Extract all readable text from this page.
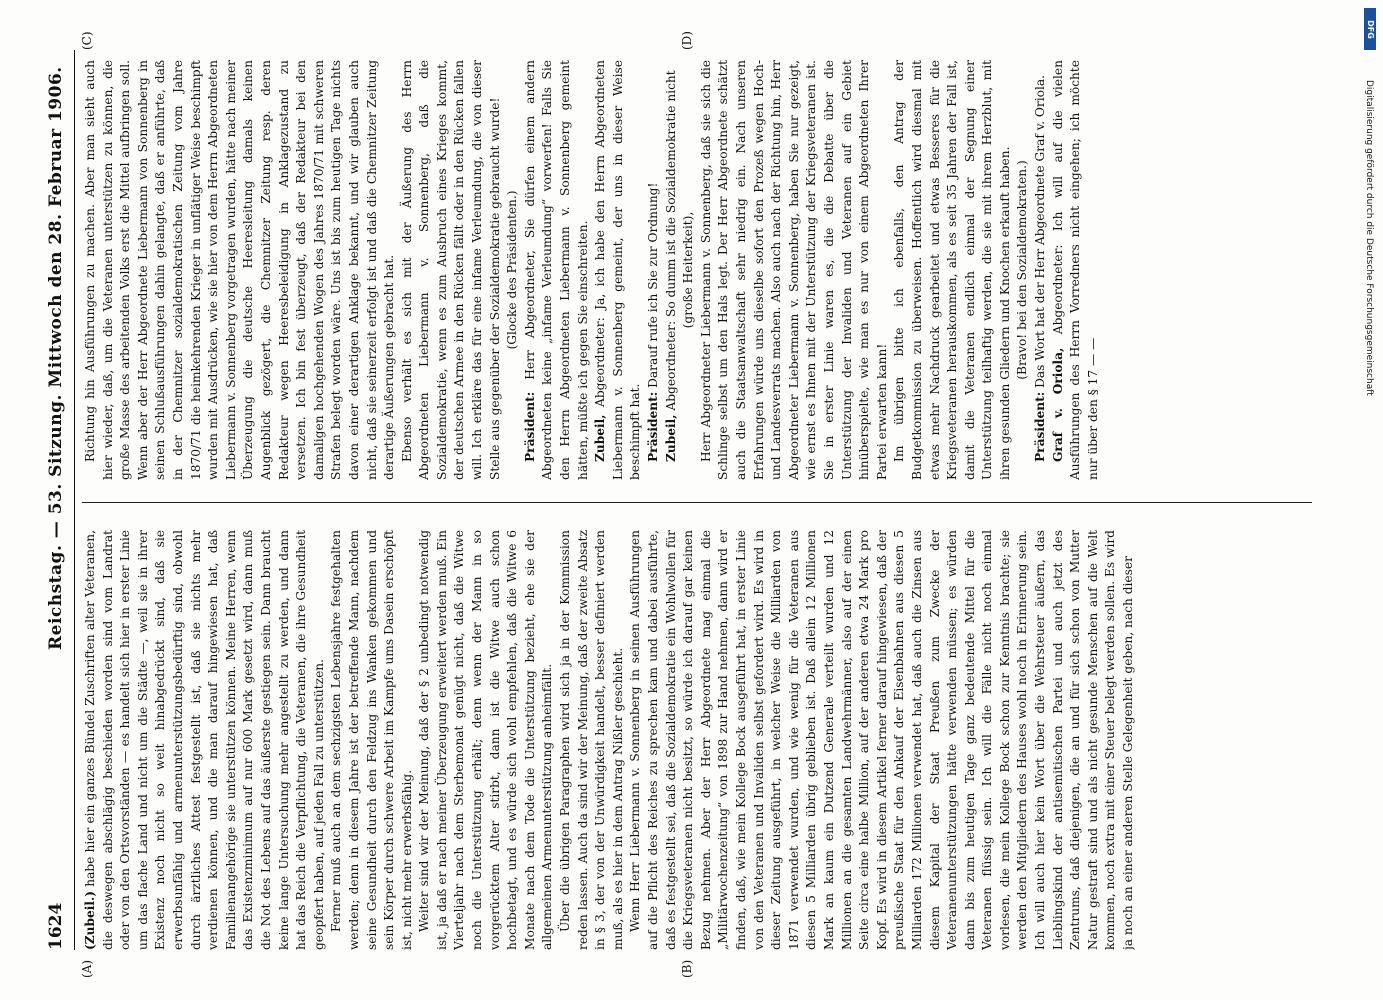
1624
Reichstag. — 53. Sitzung. Mittwoch den 28. Februar 1906.
(A)	(B)
(C)	(D)

(Zubeil.) habe hier ein ganzes Bündel Zuschriften alter Veteranen, die deswegen abschlägig beschieden worden sind vom Landrat oder von den Ortsvorständen — es handelt sich hier in erster Linie um das flache Land und nicht um die Städte —, weil sie in ihrer Existenz noch nicht so weit hinabgedrückt sind, daß sie erwerbsunfähig und armenunterstützungsbedürftig sind, obwohl durch ärztliches Attest festgestellt ist, daß sie nichts mehr verdienen können, und die man darauf hingewiesen hat, daß Familienangehörige sie unterstützen können. Meine Herren, wenn das Existenzminimum auf nur 600 Mark gesetzt wird, dann muß die Not des Lebens auf das äußerste gestiegen sein. Dann braucht keine lange Untersuchung mehr angestellt zu werden, und dann hat das Reich die Verpflichtung, die Veteranen, die ihre Gesundheit geopfert haben, auf jeden Fall zu unterstützen. Ferner muß auch an dem sechzigsten Lebensjahre festgehalten werden; denn in diesem Jahre ist der betreffende Mann, nachdem seine Gesundheit durch den Feldzug ins Wanken gekommen und sein Körper durch schwere Arbeit im Kampfe ums Dasein erschöpft ist, nicht mehr erwerbsfähig. Weiter sind wir der Meinung, daß der § 2 unbedingt notwendig ist, ja daß er nach meiner Überzeugung erweitert werden muß. Ein Vierteljahr nach dem Sterbemonat genügt nicht, daß die Witwe noch die Unterstützung erhält; denn wenn der Mann in so vorgerücktem Alter stirbt, dann ist die Witwe auch schon hochbetagt, und es würde sich wohl empfehlen, daß die Witwe 6 Monate nach dem Tode die Unterstützung bezieht, ehe sie der allgemeinen Armenunterstützung anheimfällt. Über die übrigen Paragraphen wird sich ja in der Kommission reden lassen. Auch da sind wir der Meinung, daß der zweite Absatz in § 3, der von der Unwürdigkeit handelt, besser definiert werden muß, als es hier in dem Antrag Nißler geschieht. Wenn Herr Liebermann v. Sonnenberg in seinen Ausführungen auf die Pflicht des Reiches zu sprechen kam und dabei ausführte, daß es festgestellt sei, daß die Sozialdemokratie ein Wohlwollen für die Kriegsveteranen nicht besitzt, so würde ich darauf gar keinen Bezug nehmen. Aber der Herr Abgeordnete mag einmal die „Militärwochenzeitung“ von 1898 zur Hand nehmen, dann wird er finden, daß, wie mein Kollege Bock ausgeführt hat, in erster Linie von den Veteranen und Invaliden selbst gefordert wird. Es wird in dieser Zeitung ausgeführt, in welcher Weise die Milliarden von 1871 verwendet wurden, und wie wenig für die Veteranen aus diesen 5 Milliarden übrig geblieben ist. Daß allein 12 Millionen Mark an kaum ein Dutzend Generale verteilt wurden und 12 Millionen an die gesamten Landwehrmänner, also auf der einen Seite circa eine halbe Million, auf der anderen etwa 24 Mark pro Kopf. Es wird in diesem Artikel ferner darauf hingewiesen, daß der preußische Staat für den Ankauf der Eisenbahnen aus diesen 5 Milliarden 172 Millionen verwendet hat, daß auch die Zinsen aus diesem Kapital der Staat Preußen zum Zwecke der Veteranenunterstützungen hätte verwenden müssen; es würden dann bis zum heutigen Tage ganz bedeutende Mittel für die Veteranen flüssig sein. Ich will die Fälle nicht noch einmal vorlesen, die mein Kollege Bock schon zur Kenntnis brachte; sie werden den Mitgliedern des Hauses wohl noch in Erinnerung sein. Ich will auch hier kein Wort über die Wehrsteuer äußern, das Lieblingskind der antisemitischen Partei und auch jetzt des Zentrums, daß diejenigen, die an und für sich schon von Mutter Natur gestraft sind und als nicht gesunde Menschen auf die Welt kommen, noch extra mit einer Steuer belegt werden sollen. Es wird ja noch an einer anderen Stelle Gelegenheit geben, nach dieser

Richtung hin Ausführungen zu machen. Aber man sieht auch hier wieder, daß, um die Veteranen unterstützen zu können, die große Masse des arbeitenden Volks erst die Mittel aufbringen soll. Wenn aber der Herr Abgeordnete Liebermann von Sonnenberg in seinen Schlußausführungen dahin gelangte, daß er anführte, daß in der Chemnitzer sozialdemokratischen Zeitung vom Jahre 1870/71 die heimkehrenden Krieger in unflätiger Weise beschimpft wurden mit Ausdrücken, wie sie hier von dem Herrn Abgeordneten Liebermann v. Sonnenberg vorgetragen wurden, hätte nach meiner Überzeugung die deutsche Heeresleitung damals keinen Augenblick gezögert, die Chemnitzer Zeitung resp. deren Redakteur wegen Heeresbeleidigung in Anklagezustand zu versetzen. Ich bin fest überzeugt, daß der Redakteur bei den damaligen hochgehenden Wogen des Jahres 1870/71 mit schweren Strafen belegt worden wäre. Uns ist bis zum heutigen Tage nichts davon einer derartigen Anklage bekannt, und wir glauben auch nicht, daß sie seinerzeit erfolgt ist und daß die Chemnitzer Zeitung derartige Äußerungen gebracht hat. Ebenso verhält es sich mit der Äußerung des Herrn Abgeordneten Liebermann v. Sonnenberg, daß die Sozialdemokratie, wenn es zum Ausbruch eines Krieges kommt, der deutschen Armee in den Rücken fällt oder in den Rücken fallen will. Ich erkläre das für eine infame Verleumdung, die von dieser Stelle aus gegenüber der Sozialdemokratie gebraucht wurde! (Glocke des Präsidenten.)

Präsident: Herr Abgeordneter, Sie dürfen einem andern Abgeordneten keine „infame Verleumdung“ vorwerfen! Falls Sie den Herrn Abgeordneten Liebermann v. Sonnenberg gemeint hätten, müßte ich gegen Sie einschreiten. Zubeil, Abgeordneter: Ja, ich habe den Herrn Abgeordneten Liebermann v. Sonnenberg gemeint, der uns in dieser Weise beschimpft hat. Präsident: Darauf rufe ich Sie zur Ordnung!

Zubeil, Abgeordneter: So dumm ist die Sozialdemokratie nicht (große Heiterkeit), Herr Abgeordneter Liebermann v. Sonnenberg, daß sie sich die Schlinge selbst um den Hals legt. Der Herr Abgeordnete schätzt auch die Staatsanwaltschaft sehr niedrig ein. Nach unseren Erfahrungen würde uns dieselbe sofort den Prozeß wegen Hoch- und Landesverrats machen. Also auch nach der Richtung hin, Herr Abgeordneter Liebermann v. Sonnenberg, haben Sie nur gezeigt, wie ernst es Ihnen mit der Unterstützung der Kriegsveteranen ist. Sie in erster Linie waren es, die die Debatte über die Unterstützung der Invaliden und Veteranen auf ein Gebiet hinüberspielte, wie man es nur von einem Abgeordneten Ihrer Partei erwarten kann! Im übrigen bitte ich ebenfalls, den Antrag der Budgetkommission zu überweisen. Hoffentlich wird diesmal mit etwas mehr Nachdruck gearbeitet und etwas Besseres für die Kriegsveteranen herauskommen, als es seit 35 Jahren der Fall ist, damit die Veteranen endlich einmal der Segnung einer Unterstützung teilhaftig werden, die sie mit ihrem Herzblut, mit ihren gesunden Gliedern und Knochen erkauft haben. (Bravo! bei den Sozialdemokraten.)

Präsident: Das Wort hat der Herr Abgeordnete Graf v. Oriola.

Graf v. Oriola, Abgeordneter: Ich will auf die vielen Ausführungen des Herrn Vorredners nicht eingehen; ich möchte nur über den § 17 — —

DFG
Digitalisierung gefördert durch die Deutsche Forschungsgemeinschaft
